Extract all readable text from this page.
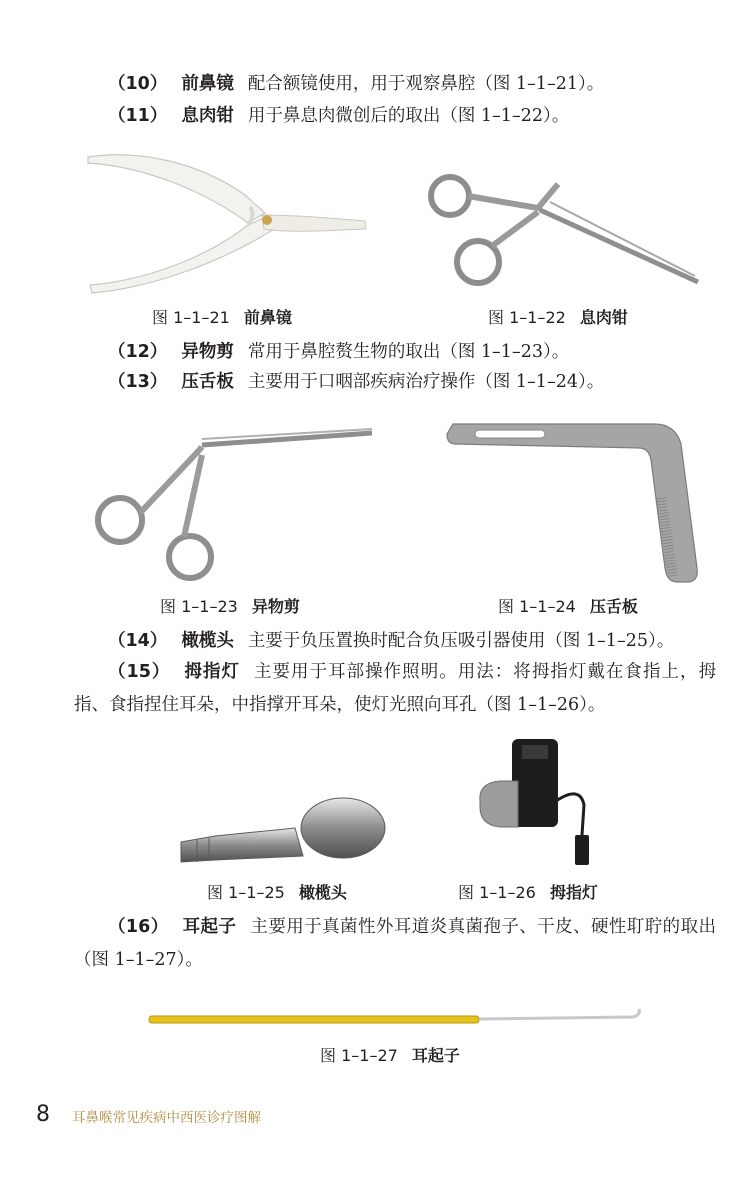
（10） 前鼻镜 配合额镜使用，用于观察鼻腔（图 1–1–21）。
（11） 息肉钳 用于鼻息肉微创后的取出（图 1–1–22）。
图 1–1–21 前鼻镜	图 1–1–22 息肉钳
（12） 异物剪 常用于鼻腔赘生物的取出（图 1–1–23）。
（13） 压舌板 主要用于口咽部疾病治疗操作（图 1–1–24）。
图 1–1–23 异物剪	图 1–1–24 压舌板
（14） 橄榄头 主要于负压置换时配合负压吸引器使用（图 1–1–25）。
（15） 拇指灯 主要用于耳部操作照明。用法：将拇指灯戴在食指上，拇指、食指捏住耳朵，中指撑开耳朵，使灯光照向耳孔（图 1–1–26）。
图 1–1–25 橄榄头	图 1–1–26 拇指灯
（16） 耳起子 主要用于真菌性外耳道炎真菌孢子、干皮、硬性耵聍的取出（图 1–1–27）。
图 1–1–27 耳起子
8 耳鼻喉常见疾病中西医诊疗图解
